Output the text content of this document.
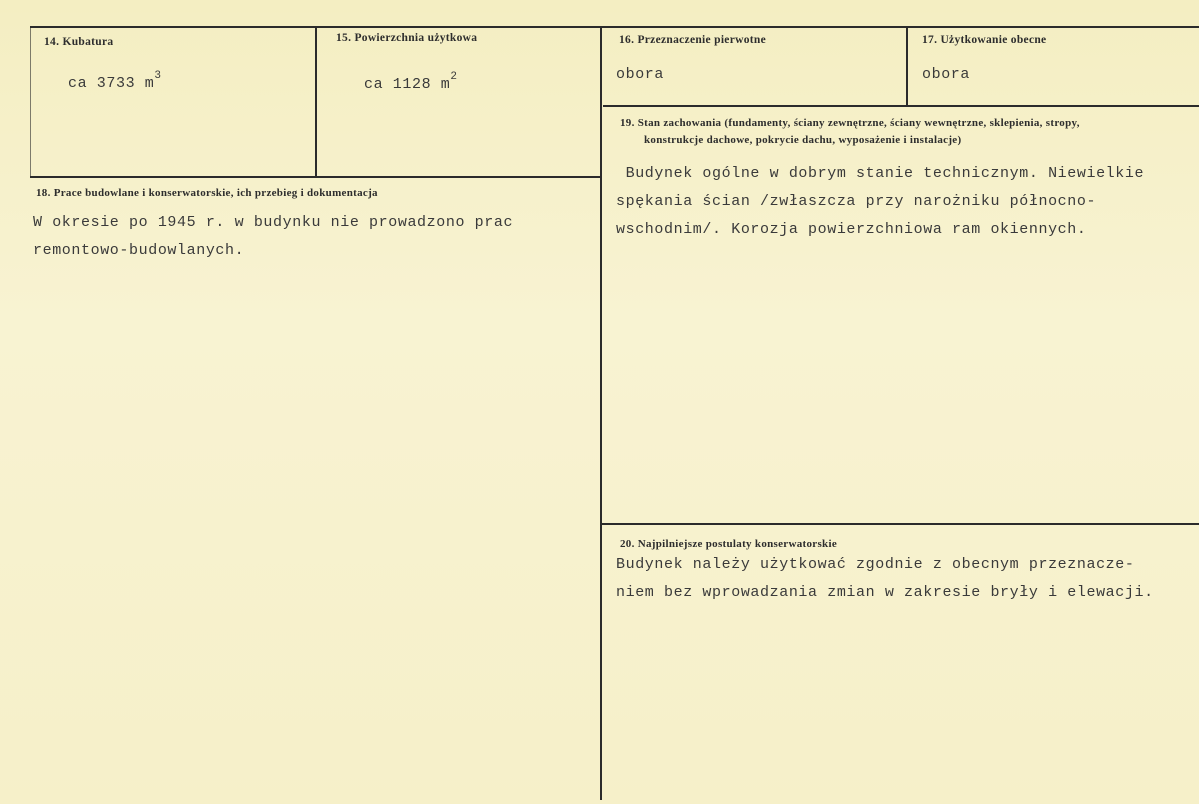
14. Kubatura
ca 3733 $m^3$
15. Powierzchnia użytkowa
ca 1128 $m^2$
16. Przeznaczenie pierwotne
obora
17. Użytkowanie obecne
obora
19. Stan zachowania (fundamenty, ściany zewnętrzne, ściany wewnętrzne, sklepienia, stropy,
konstrukcje dachowe, pokrycie dachu, wyposażenie i instalacje)
Budynek ogólne w dobrym stanie technicznym. Niewielkie
spękania ścian /zwłaszcza przy narożniku północno-
wschodnim/. Korozja powierzchniowa ram okiennych.
18. Prace budowlane i konserwatorskie, ich przebieg i dokumentacja
W okresie po 1945 r. w budynku nie prowadzono prac
remontowo-budowlanych.
20. Najpilniejsze postulaty konserwatorskie
Budynek należy użytkować zgodnie z obecnym przeznacze-
niem bez wprowadzania zmian w zakresie bryły i elewacji.
